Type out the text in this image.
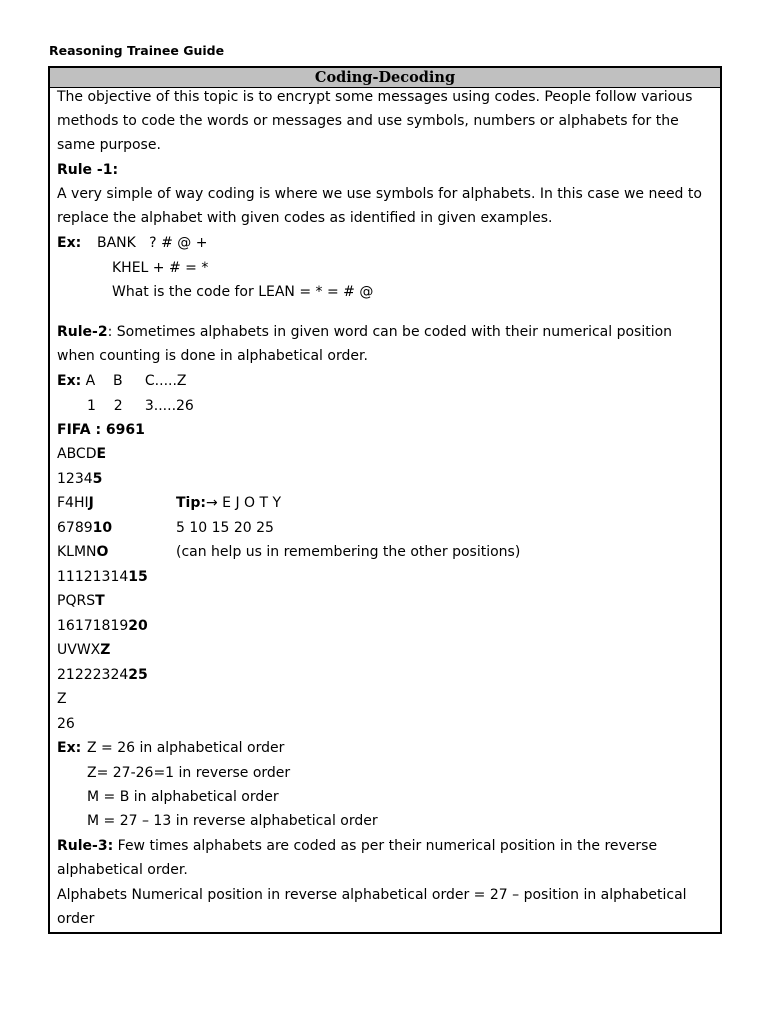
Reasoning Trainee Guide
Coding-Decoding
The objective of this topic is to encrypt some messages using codes. People follow various
methods to code the words or messages and use symbols, numbers or alphabets for the
same purpose.
Rule -1:
A very simple of way coding is where we use symbols for alphabets. In this case we need to
replace the alphabet with given codes as identified in given examples.
Ex: BANK   ? # @ +
KHEL + # = *
What is the code for LEAN = * = # @
Rule-2: Sometimes alphabets in given word can be coded with their numerical position
when counting is done in alphabetical order.
Ex: A    B     C.....Z
1    2     3.....26
FIFA : 6961
ABCDE
12345
F4HIJ
678910
KLMNO
1112131415
PQRST
1617181920
UVWXZ
2122232425
Z
26
Tip:→ E J O T Y
5 10 15 20 25
(can help us in remembering the other positions)
Ex: Z = 26 in alphabetical order
Z= 27-26=1 in reverse order
M = B in alphabetical order
M = 27 – 13 in reverse alphabetical order
Rule-3: Few times alphabets are coded as per their numerical position in the reverse
alphabetical order.
Alphabets Numerical position in reverse alphabetical order = 27 – position in alphabetical
order
